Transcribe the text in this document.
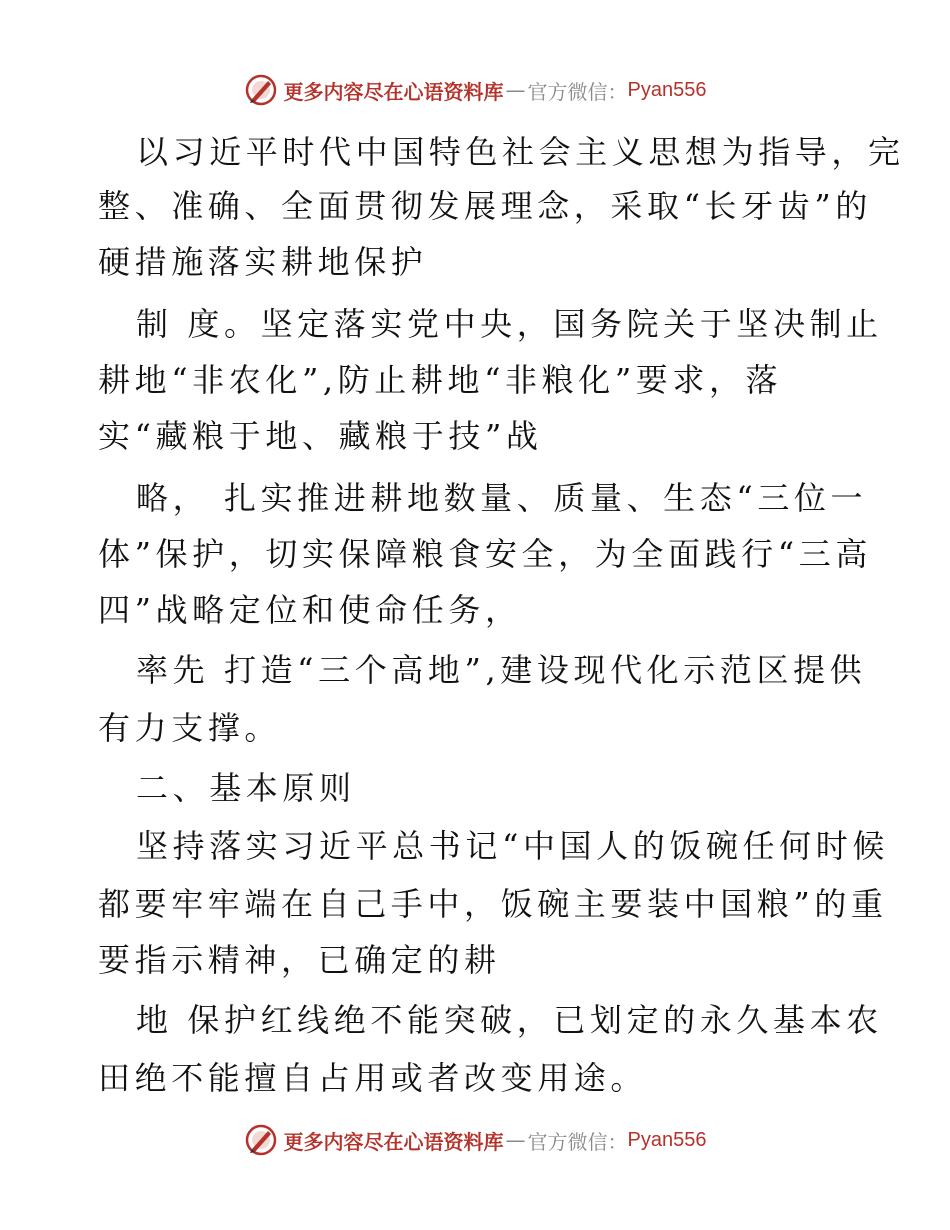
更多内容尽在心语资料库 — 官方微信： Pyan556
以习近平时代中国特色社会主义思想为指导，完
整、准确、全面贯彻发展理念，采取“长牙齿”的
硬措施落实耕地保护
制 度。坚定落实党中央，国务院关于坚决制止
耕地“非农化”,防止耕地“非粮化”要求，落
实“藏粮于地、藏粮于技”战
略， 扎实推进耕地数量、质量、生态“三位一
体”保护，切实保障粮食安全，为全面践行“三高
四”战略定位和使命任务，
率先 打造“三个高地”,建设现代化示范区提供
有力支撑。
二、基本原则
坚持落实习近平总书记“中国人的饭碗任何时候
都要牢牢端在自己手中，饭碗主要装中国粮”的重
要指示精神，已确定的耕
地 保护红线绝不能突破，已划定的永久基本农
田绝不能擅自占用或者改变用途。
更多内容尽在心语资料库 — 官方微信： Pyan556
